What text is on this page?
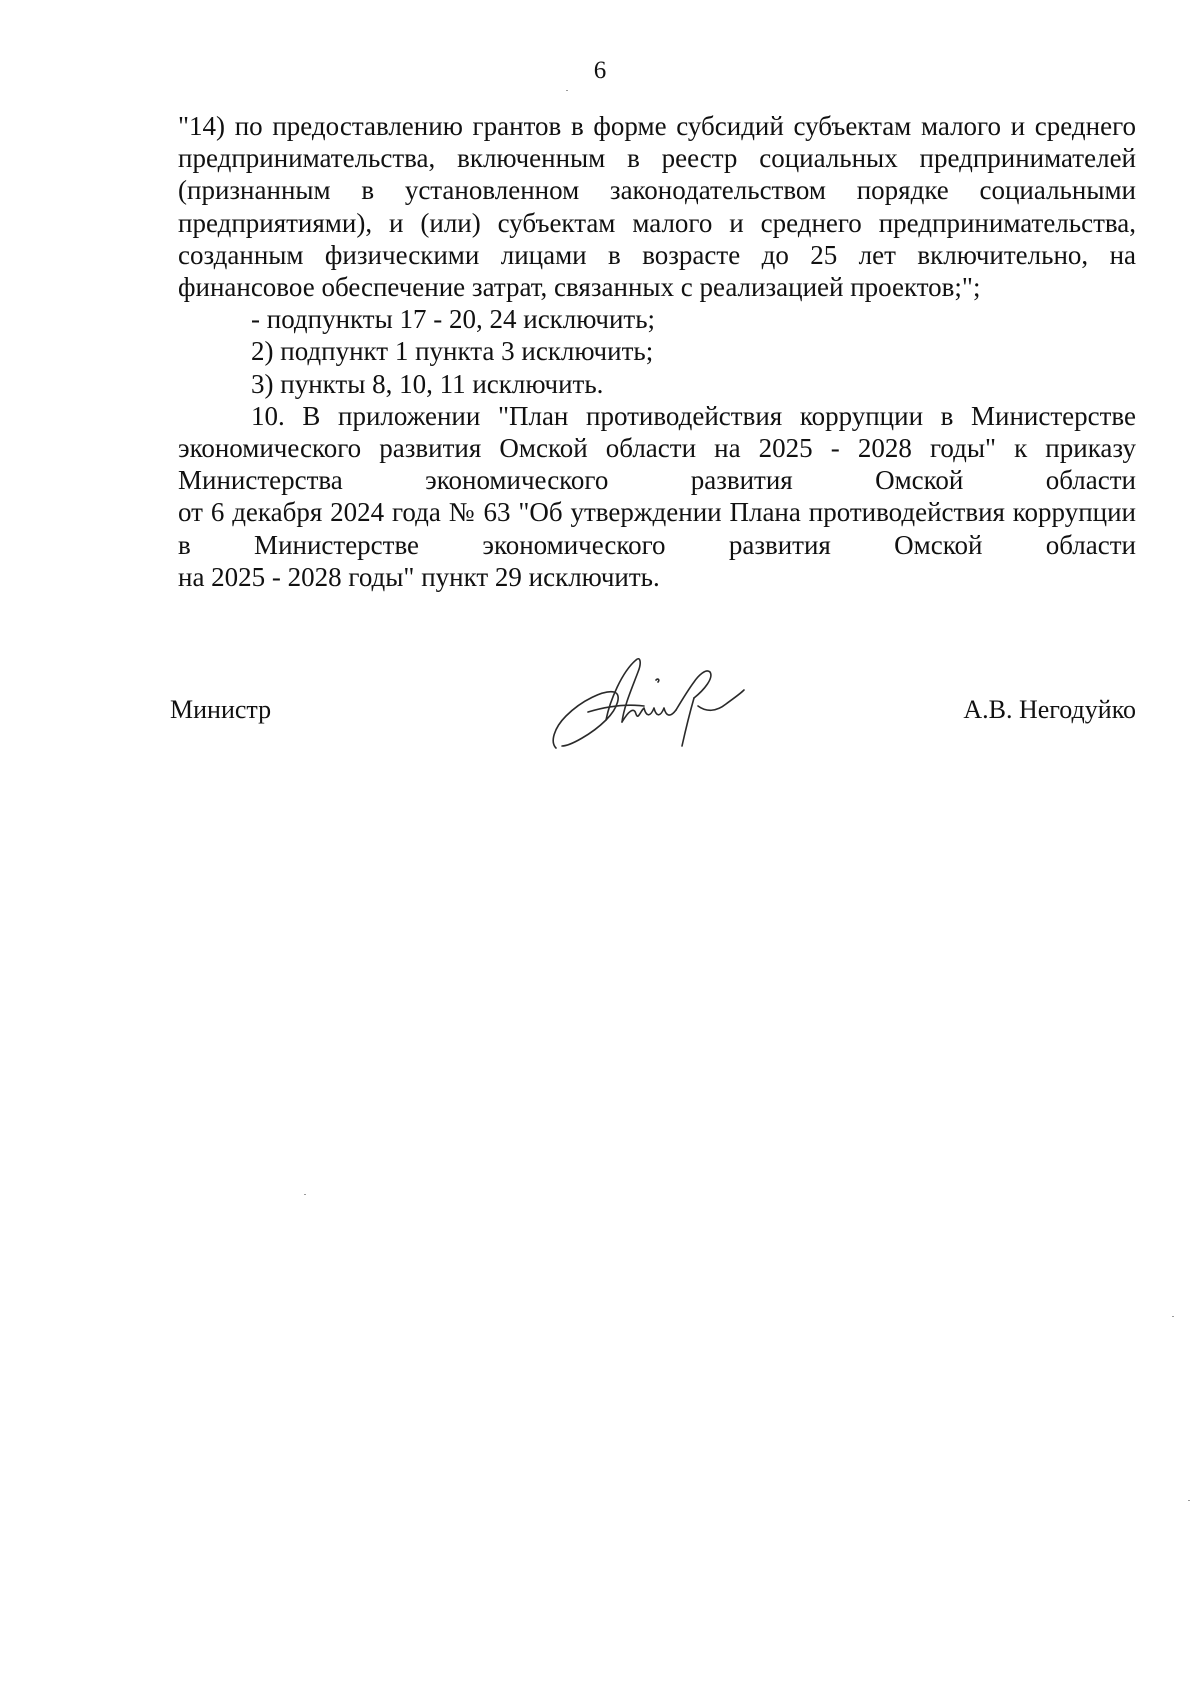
6

"14) по предоставлению грантов в форме субсидий субъектам малого и среднего предпринимательства, включенным в реестр социальных предпринимателей (признанным в установленном законодательством порядке социальными предприятиями), и (или) субъектам малого и среднего предпринимательства, созданным физическими лицами в возрасте до 25 лет включительно, на финансовое обеспечение затрат, связанных с реализацией проектов;";

- подпункты 17 - 20, 24 исключить;

2) подпункт 1 пункта 3 исключить;

3) пункты 8, 10, 11 исключить.

10. В приложении "План противодействия коррупции в Министерстве экономического развития Омской области на 2025 - 2028 годы" к приказу Министерства экономического развития Омской области

от 6 декабря 2024 года № 63 "Об утверждении Плана противодействия коррупции в Министерстве экономического развития Омской области

на 2025 - 2028 годы" пункт 29 исключить.

Министр	А.В. Негодуйко
